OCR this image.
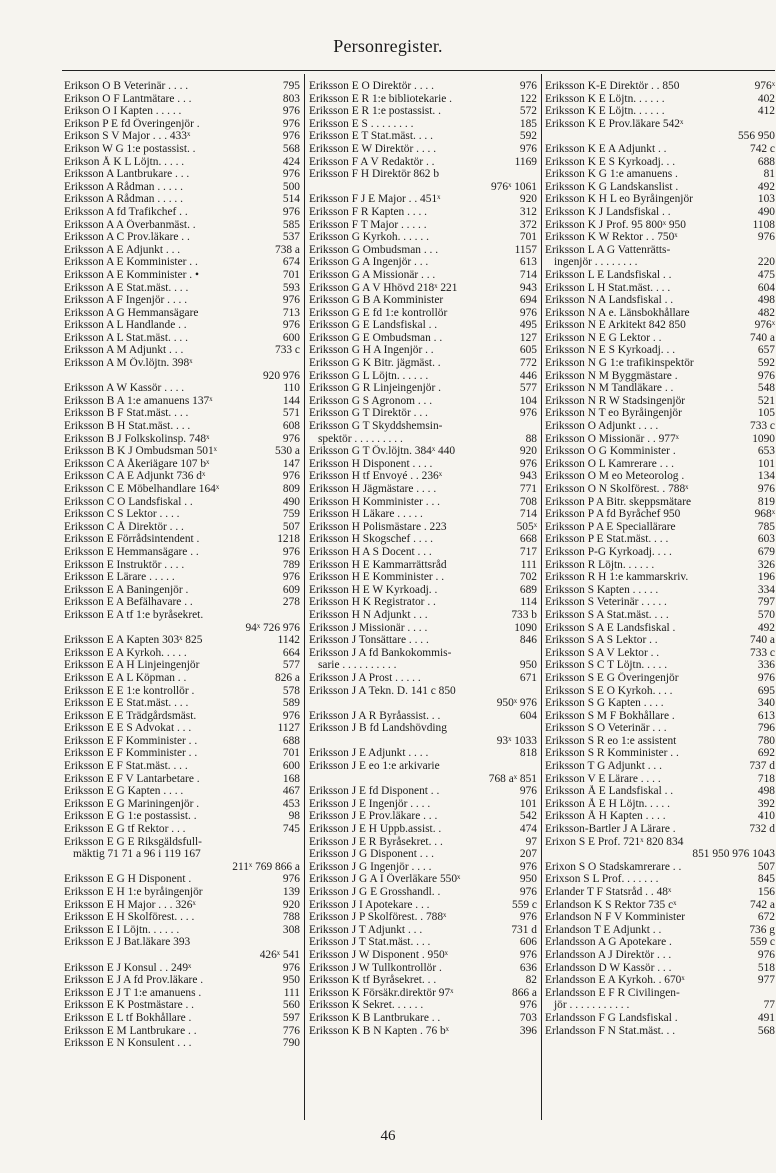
Personregister.
Erikson O B Veterinär . . . .	795
Erikson O F Lantmätare . . .	803
Erikson O I Kapten . . . . .	976
Erikson P E fd Överingenjör .	976
Erikson S V Major . . . 433ˣ	976
Erikson W G 1:e postassist. .	568
Erikson Å K L Löjtn. . . . .	424
Eriksson A Lantbrukare . . .	976
Eriksson A Rådman . . . . .	500
Eriksson A Rådman . . . . .	514
Eriksson A fd Trafikchef . .	976
Eriksson A A Överbanmäst. .	585
Eriksson A C Prov.läkare . .	537
Eriksson A E Adjunkt . . .	738 a
Eriksson A E Komminister . .	674
Eriksson A E Komminister . •	701
Eriksson A E Stat.mäst. . . .	593
Eriksson A F Ingenjör . . . .	976
Eriksson A G Hemmansägare	713
Eriksson A L Handlande . .	976
Eriksson A L Stat.mäst. . . .	600
Eriksson A M Adjunkt . . .	733 c
Eriksson A M Öv.löjtn. 398ˣ
920 976
Eriksson A W Kassör . . . .	110
Eriksson B A 1:e amanuens 137ˣ	144
Eriksson B F Stat.mäst. . . .	571
Eriksson B H Stat.mäst. . . .	608
Eriksson B J Folkskolinsp. 748ˣ	976
Eriksson B K J Ombudsman 501ˣ	530 a
Eriksson C A Åkeriägare 107 bˣ	147
Eriksson C A E Adjunkt 736 dˣ	976
Eriksson C E Möbelhandlare 164ˣ	809
Eriksson C O Landsfiskal . .	490
Eriksson C S Lektor . . . .	759
Eriksson C Å Direktör . . .	507
Eriksson E Förrådsintendent .	1218
Eriksson E Hemmansägare . .	976
Eriksson E Instruktör . . . .	789
Eriksson E Lärare . . . . .	976
Eriksson E A Baningenjör .	609
Eriksson E A Befälhavare . .	278
Eriksson E A tf 1:e byråsekret.
94ˣ 726 976
Eriksson E A Kapten 303ˣ 825	1142
Eriksson E A Kyrkoh. . . . .	664
Eriksson E A H Linjeingenjör	577
Eriksson E A L Köpman . .	826 a
Eriksson E E 1:e kontrollör .	578
Eriksson E E Stat.mäst. . . .	589
Eriksson E E Trädgårdsmäst.	976
Eriksson E E S Advokat . . .	1127
Eriksson E F Komminister . .	688
Eriksson E F Komminister . .	701
Eriksson E F Stat.mäst. . . .	600
Eriksson E F V Lantarbetare .	168
Eriksson E G Kapten . . . .	467
Eriksson E G Mariningenjör .	453
Eriksson E G 1:e postassist. .	98
Eriksson E G tf Rektor . . .	745
Eriksson E G E Riksgäldsfull-
mäktig 71 71 a 96 i 119 167
211ˣ 769 866 a
Eriksson E G H Disponent .	976
Eriksson E H 1:e byråingenjör	139
Eriksson E H Major . . . 326ˣ	920
Eriksson E H Skolförest. . . .	788
Eriksson E I Löjtn. . . . . .	308
Eriksson E J Bat.läkare 393
426ˣ 541
Eriksson E J Konsul . . 249ˣ	976
Eriksson E J A fd Prov.läkare .	950
Eriksson E J T 1:e amanuens .	111
Eriksson E K Postmästare . .	560
Eriksson E L tf Bokhållare .	597
Eriksson E M Lantbrukare . .	776
Eriksson E N Konsulent . . .	790
Eriksson E O Direktör . . . .	976
Eriksson E R 1:e bibliotekarie .	122
Eriksson E R 1:e postassist. .	572
Eriksson E S . . . . . . . .	185
Eriksson E T Stat.mäst. . . .	592
Eriksson E W Direktör . . . .	976
Eriksson F A V Redaktör . .	1169
Eriksson F H Direktör 862 b
976ˣ 1061
Eriksson F J E Major . . 451ˣ	920
Eriksson F R Kapten . . . .	312
Eriksson F T Major . . . . .	372
Eriksson G Kyrkoh. . . . . .	701
Eriksson G Ombudsman . . .	1157
Eriksson G A Ingenjör . . .	613
Eriksson G A Missionär . . .	714
Eriksson G A V Hhövd 218ˣ 221	943
Eriksson G B A Komminister	694
Eriksson G E fd 1:e kontrollör	976
Eriksson G E Landsfiskal . .	495
Eriksson G E Ombudsman . .	127
Eriksson G H A Ingenjör . .	605
Eriksson G K Bitr. jägmäst. .	772
Eriksson G L Löjtn. . . . . .	446
Eriksson G R Linjeingenjör .	577
Eriksson G S Agronom . . .	104
Eriksson G T Direktör . . .	976
Eriksson G T Skyddshemsin-
spektör . . . . . . . . .	88
Eriksson G T Öv.löjtn. 384ˣ 440	920
Eriksson H Disponent . . . .	976
Eriksson H tf Envoyé . . 236ˣ	943
Eriksson H Jägmästare . . . .	771
Eriksson H Komminister . . .	708
Eriksson H Läkare . . . . .	714
Eriksson H Polismästare . 223	505ˣ
Eriksson H Skogschef . . . .	668
Eriksson H A S Docent . . .	717
Eriksson H E Kammarrättsråd	111
Eriksson H E Komminister . .	702
Eriksson H E W Kyrkoadj. .	689
Eriksson H K Registrator . .	114
Eriksson H N Adjunkt . . .	733 b
Eriksson J Missionär . . . .	1090
Eriksson J Tonsättare . . . .	846
Eriksson J A fd Bankokommis-
sarie . . . . . . . . . .	950
Eriksson J A Prost . . . . .	671
Eriksson J A Tekn. D. 141 c 850
950ˣ 976
Eriksson J A R Byråassist. . .	604
Eriksson J B fd Landshövding
93ˣ 1033
Eriksson J E Adjunkt . . . .	818
Eriksson J E eo 1:e arkivarie
768 aˣ 851
Eriksson J E fd Disponent . .	976
Eriksson J E Ingenjör . . . .	101
Eriksson J E Prov.läkare . . .	542
Eriksson J E H Uppb.assist. .	474
Eriksson J E R Byråsekret. . .	97
Eriksson J G Disponent . . .	207
Eriksson J G Ingenjör . . . .	976
Eriksson J G A I Överläkare 550ˣ	950
Eriksson J G E Grosshandl. .	976
Eriksson J I Apotekare . . .	559 c
Eriksson J P Skolförest. . 788ˣ	976
Eriksson J T Adjunkt . . .	731 d
Eriksson J T Stat.mäst. . . .	606
Eriksson J W Disponent . 950ˣ	976
Eriksson J W Tullkontrollör .	636
Eriksson K tf Byråsekret. . .	82
Eriksson K Försäkr.direktör 97ˣ	866 a
Eriksson K Sekret. . . . . .	976
Eriksson K B Lantbrukare . .	703
Eriksson K B N Kapten . 76 bˣ	396
Eriksson K-E Direktör . . 850	976ˣ
Eriksson K E Löjtn. . . . . .	402
Eriksson K E Löjtn. . . . . .	412
Eriksson K E Prov.läkare 542ˣ
556 950
Eriksson K E A Adjunkt . .	742 c
Eriksson K E S Kyrkoadj. . .	688
Eriksson K G 1:e amanuens .	81
Eriksson K G Landskanslist .	492
Eriksson K H L eo Byråingenjör	103
Eriksson K J Landsfiskal . .	490
Eriksson K J Prof. 95 800ˣ 950	1108
Eriksson K W Rektor . . 750ˣ	976
Eriksson L A G Vattenrätts-
ingenjör . . . . . . . .	220
Eriksson L E Landsfiskal . .	475
Eriksson L H Stat.mäst. . . .	604
Eriksson N A Landsfiskal . .	498
Eriksson N A e. Länsbokhållare	482
Eriksson N E Arkitekt 842 850	976ˣ
Eriksson N E G Lektor . .	740 a
Eriksson N E S Kyrkoadj. . .	657
Eriksson N G 1:e trafikinspektör	592
Eriksson N M Byggmästare .	976
Eriksson N M Tandläkare . .	548
Eriksson N R W Stadsingenjör	521
Eriksson N T eo Byråingenjör	105
Eriksson O Adjunkt . . . .	733 c
Eriksson O Missionär . . 977ˣ	1090
Eriksson O G Komminister .	653
Eriksson O L Kamrerare . . .	101
Eriksson O M eo Meteorolog .	134
Eriksson O N Skolförest. . 788ˣ	976
Eriksson P A Bitr. skeppsmätare	819
Eriksson P A fd Byråchef 950	968ˣ
Eriksson P A E Speciallärare	785
Eriksson P E Stat.mäst. . . .	603
Eriksson P-G Kyrkoadj. . . .	679
Eriksson R Löjtn. . . . . .	326
Eriksson R H 1:e kammarskriv.	196
Eriksson S Kapten . . . . .	334
Eriksson S Veterinär . . . . .	797
Eriksson S A Stat.mäst. . . .	570
Eriksson S A E Landsfiskal .	492
Eriksson S A S Lektor . .	740 a
Eriksson S A V Lektor . .	733 c
Eriksson S C T Löjtn. . . . .	336
Eriksson S E G Överingenjör	976
Eriksson S E O Kyrkoh. . . .	695
Eriksson S G Kapten . . . .	340
Eriksson S M F Bokhållare .	613
Eriksson S O Veterinär . . .	796
Eriksson S R eo 1:e assistent	780
Eriksson S R Komminister . .	692
Eriksson T G Adjunkt . . .	737 d
Eriksson V E Lärare . . . .	718
Eriksson Å E Landsfiskal . .	498
Eriksson Å E H Löjtn. . . . .	392
Eriksson Å H Kapten . . . .	410
Eriksson-Bartler J A Lärare .	732 d
Erixon S E Prof. 721ˣ 820 834
851 950 976 1043
Erixon S O Stadskamrerare . .	507
Erixson S L Prof. . . . . . .	845
Erlander T F Statsråd . . 48ˣ	156
Erlandson K S Rektor 735 cˣ	742 a
Erlandson N F V Komminister	672
Erlandson T E Adjunkt . .	736 g
Erlandsson A G Apotekare .	559 c
Erlandsson A J Direktör . . .	976
Erlandsson D W Kassör . . .	518
Erlandsson E A Kyrkoh. . 670ˣ	977
Erlandsson E F R Civilingen-
jör . . . . . . . . . . .	77
Erlandsson F G Landsfiskal .	491
Erlandsson F N Stat.mäst. . .	568
46
